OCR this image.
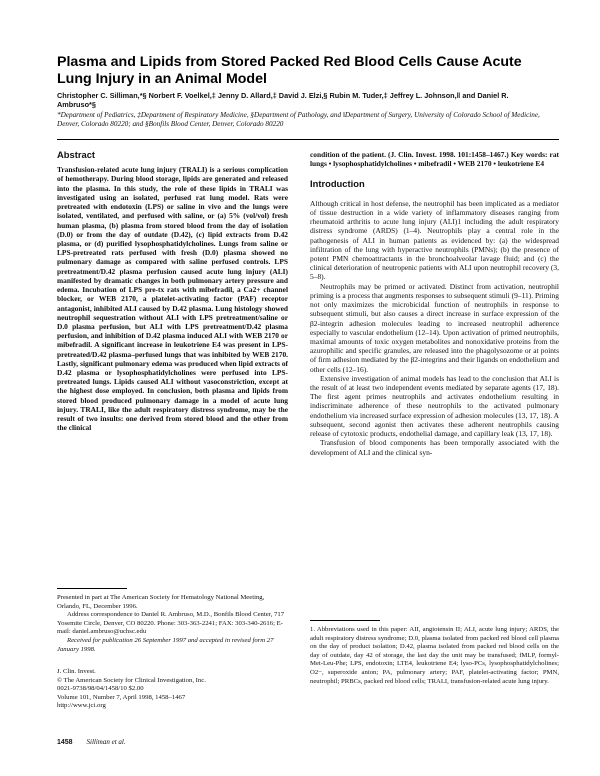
Plasma and Lipids from Stored Packed Red Blood Cells Cause Acute Lung Injury in an Animal Model
Christopher C. Silliman,*§ Norbert F. Voelkel,‡ Jenny D. Allard,‡ David J. Elzi,§ Rubin M. Tuder,‡ Jeffrey L. Johnson,‖ and Daniel R. Ambruso*§
*Department of Pediatrics, ‡Department of Respiratory Medicine, §Department of Pathology, and ‖Department of Surgery, University of Colorado School of Medicine, Denver, Colorado 80220; and §Bonfils Blood Center, Denver, Colorado 80220
Abstract

Transfusion-related acute lung injury (TRALI) is a serious complication of hemotherapy. During blood storage, lipids are generated and released into the plasma. In this study, the role of these lipids in TRALI was investigated using an isolated, perfused rat lung model. Rats were pretreated with endotoxin (LPS) or saline in vivo and the lungs were isolated, ventilated, and perfused with saline, or (a) 5% (vol/vol) fresh human plasma, (b) plasma from stored blood from the day of isolation (D.0) or from the day of outdate (D.42), (c) lipid extracts from D.42 plasma, or (d) purified lysophosphatidylcholines. Lungs from saline or LPS-pretreated rats perfused with fresh (D.0) plasma showed no pulmonary damage as compared with saline perfused controls. LPS pretreatment/D.42 plasma perfusion caused acute lung injury (ALI) manifested by dramatic changes in both pulmonary artery pressure and edema. Incubation of LPS pre-tx rats with mibefradil, a Ca2+ channel blocker, or WEB 2170, a platelet-activating factor (PAF) receptor antagonist, inhibited ALI caused by D.42 plasma. Lung histology showed neutrophil sequestration without ALI with LPS pretreatment/saline or D.0 plasma perfusion, but ALI with LPS pretreatment/D.42 plasma perfusion, and inhibition of D.42 plasma induced ALI with WEB 2170 or mibefradil. A significant increase in leukotriene E4 was present in LPS-pretreated/D.42 plasma–perfused lungs that was inhibited by WEB 2170. Lastly, significant pulmonary edema was produced when lipid extracts of D.42 plasma or lysophosphatidylcholines were perfused into LPS-pretreated lungs. Lipids caused ALI without vasoconstriction, except at the highest dose employed. In conclusion, both plasma and lipids from stored blood produced pulmonary damage in a model of acute lung injury. TRALI, like the adult respiratory distress syndrome, may be the result of two insults: one derived from stored blood and the other from the clinical

Presented in part at The American Society for Hematology National Meeting, Orlando, FL, December 1996.

Address correspondence to Daniel R. Ambruso, M.D., Bonfils Blood Center, 717 Yosemite Circle, Denver, CO 80220. Phone: 303-363-2241; FAX: 303-340-2616; E-mail: daniel.ambruso@uchsc.edu

Received for publication 26 September 1997 and accepted in revised form 27 January 1998.

J. Clin. Invest.

© The American Society for Clinical Investigation, Inc.

0021-9738/98/04/1458/10 $2.00

Volume 101, Number 7, April 1998, 1458–1467

http://www.jci.org

condition of the patient. (J. Clin. Invest. 1998. 101:1458–1467.) Key words: rat lungs • lysophosphatidylcholines • mibefradil • WEB 2170 • leukotriene E4

Introduction

Although critical in host defense, the neutrophil has been implicated as a mediator of tissue destruction in a wide variety of inflammatory diseases ranging from rheumatoid arthritis to acute lung injury (ALI)1 including the adult respiratory distress syndrome (ARDS) (1–4). Neutrophils play a central role in the pathogenesis of ALI in human patients as evidenced by: (a) the widespread infiltration of the lung with hyperactive neutrophils (PMNs); (b) the presence of potent PMN chemoattractants in the bronchoalveolar lavage fluid; and (c) the clinical deterioration of neutropenic patients with ALI upon neutrophil recovery (3, 5–8).

Neutrophils may be primed or activated. Distinct from activation, neutrophil priming is a process that augments responses to subsequent stimuli (9–11). Priming not only maximizes the microbicidal function of neutrophils in response to subsequent stimuli, but also causes a direct increase in surface expression of the β2-integrin adhesion molecules leading to increased neutrophil adherence especially to vascular endothelium (12–14). Upon activation of primed neutrophils, maximal amounts of toxic oxygen metabolites and nonoxidative proteins from the azurophilic and specific granules, are released into the phagolysozome or at points of firm adhesion mediated by the β2-integrins and their ligands on endothelium and other cells (12–16).

Extensive investigation of animal models has lead to the conclusion that ALI is the result of at least two independent events mediated by separate agents (17, 18). The first agent primes neutrophils and activates endothelium resulting in indiscriminate adherence of these neutrophils to the activated pulmonary endothelium via increased surface expression of adhesion molecules (13, 17, 18). A subsequent, second agonist then activates these adherent neutrophils causing release of cytotoxic products, endothelial damage, and capillary leak (13, 17, 18).

Transfusion of blood components has been temporally associated with the development of ALI and the clinical syn-

1. Abbreviations used in this paper: AII, angiotensin II; ALI, acute lung injury; ARDS, the adult respiratory distress syndrome; D.0, plasma isolated from packed red blood cell plasma on the day of product isolation; D.42, plasma isolated from packed red blood cells on the day of outdate, day 42 of storage, the last day the unit may be transfused; fMLP, formyl-Met-Leu-Phe; LPS, endotoxin; LTE4, leukotriene E4; lyso-PCs, lysophosphatidylcholines; O2−, superoxide anion; PA, pulmonary artery; PAF, platelet-activating factor; PMN, neutrophil; PRBCs, packed red blood cells; TRALI, transfusion-related acute lung injury.
1458 Silliman et al.
